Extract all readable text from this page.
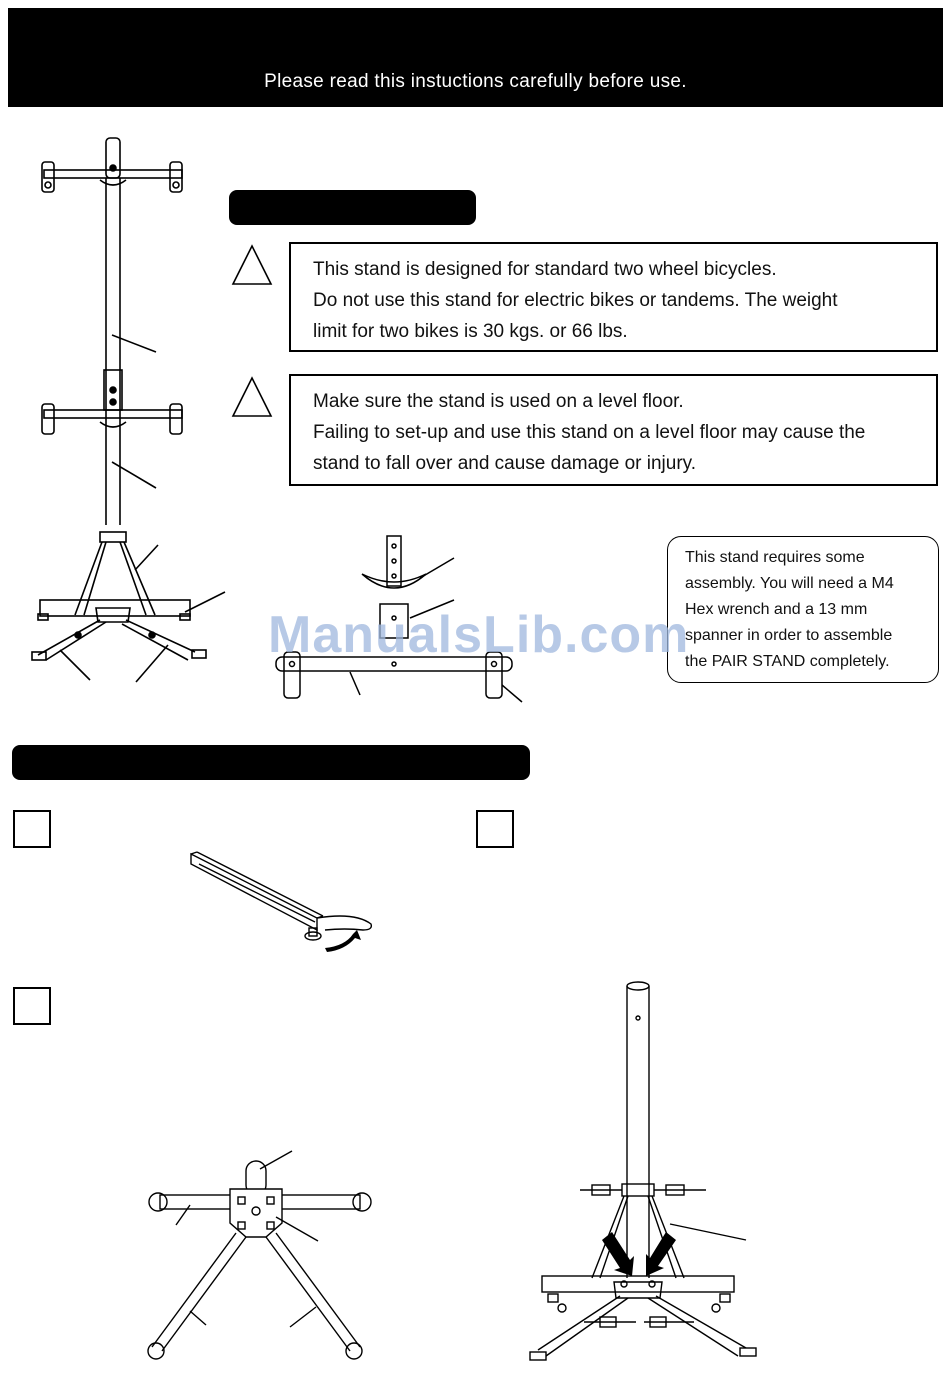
Please read this instuctions carefully before use.
This stand is designed for standard two wheel bicycles.
Do not use this stand for electric bikes or tandems. The weight
limit for two bikes is 30 kgs. or 66 lbs.
Make sure the stand is used on a level floor.
Failing to set-up and use this stand on a level floor may cause the
stand to fall over and cause damage or injury.
This stand requires some
assembly. You will need a M4
Hex wrench and a 13 mm
spanner in order to assemble
the PAIR STAND completely.
ManualsLib.com
